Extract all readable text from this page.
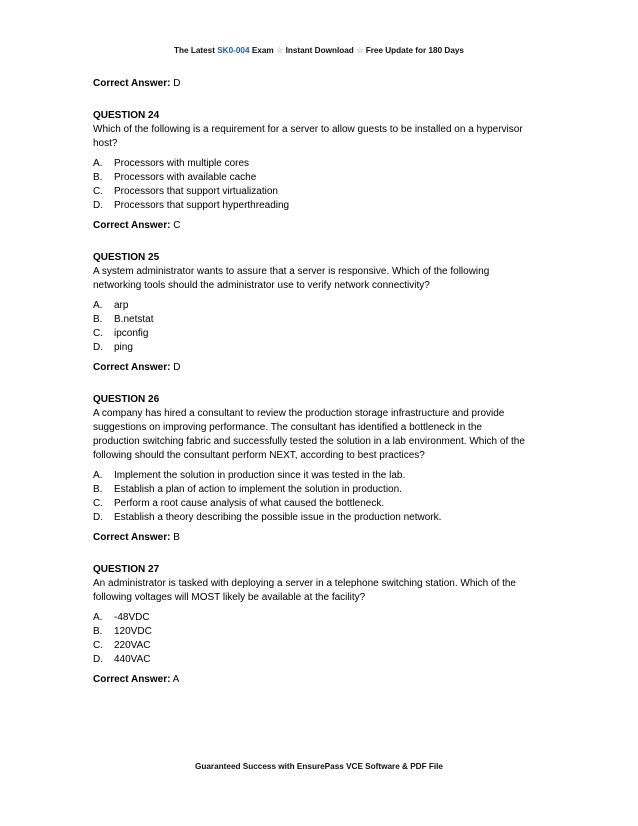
The Latest SK0-004 Exam ☆ Instant Download ☆ Free Update for 180 Days
Correct Answer: D
QUESTION 24
Which of the following is a requirement for a server to allow guests to be installed on a hypervisor
host?
A. Processors with multiple cores
B. Processors with available cache
C. Processors that support virtualization
D. Processors that support hyperthreading
Correct Answer: C
QUESTION 25
A system administrator wants to assure that a server is responsive. Which of the following
networking tools should the administrator use to verify network connectivity?
A. arp
B. B.netstat
C. ipconfig
D. ping
Correct Answer: D
QUESTION 26
A company has hired a consultant to review the production storage infrastructure and provide
suggestions on improving performance. The consultant has identified a bottleneck in the
production switching fabric and successfully tested the solution in a lab environment. Which of the
following should the consultant perform NEXT, according to best practices?
A. Implement the solution in production since it was tested in the lab.
B. Establish a plan of action to implement the solution in production.
C. Perform a root cause analysis of what caused the bottleneck.
D. Establish a theory describing the possible issue in the production network.
Correct Answer: B
QUESTION 27
An administrator is tasked with deploying a server in a telephone switching station. Which of the
following voltages will MOST likely be available at the facility?
A. -48VDC
B. 120VDC
C. 220VAC
D. 440VAC
Correct Answer: A
Guaranteed Success with EnsurePass VCE Software & PDF File
